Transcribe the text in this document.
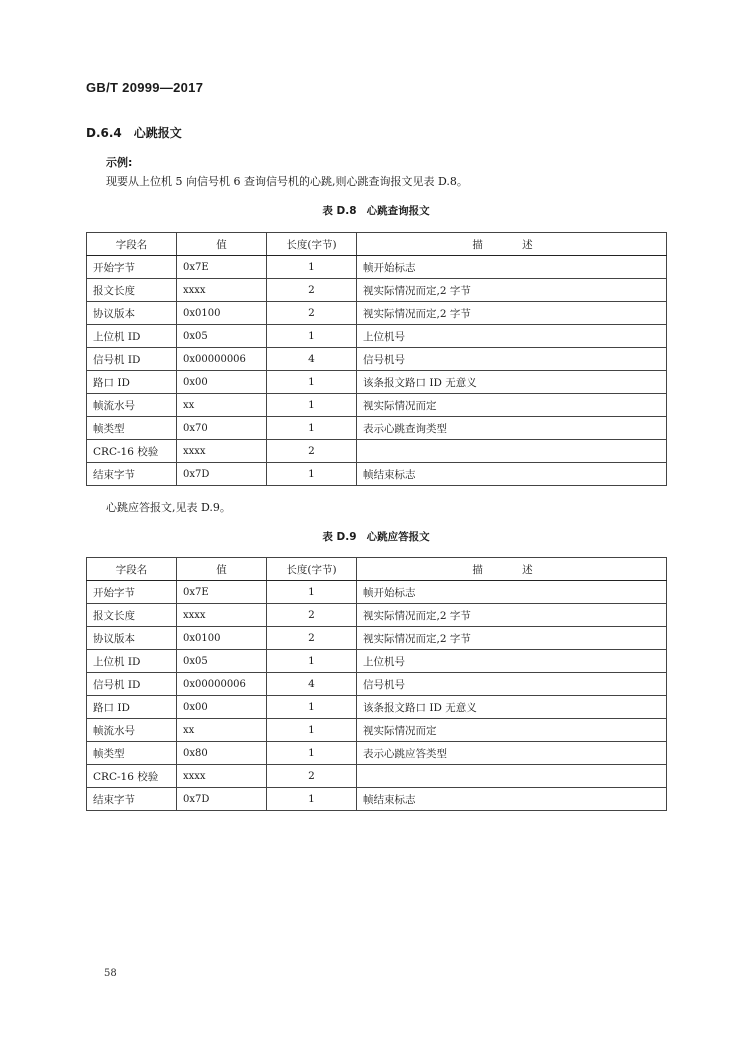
GB/T 20999—2017
D.6.4 心跳报文
示例:
现要从上位机 5 向信号机 6 查询信号机的心跳,则心跳查询报文见表 D.8。
表 D.8 心跳查询报文
字段名	值	长度(字节)	描 述
开始字节	0x7E	1	帧开始标志
报文长度	xxxx	2	视实际情况而定,2 字节
协议版本	0x0100	2	视实际情况而定,2 字节
上位机 ID	0x05	1	上位机号
信号机 ID	0x00000006	4	信号机号
路口 ID	0x00	1	该条报文路口 ID 无意义
帧流水号	xx	1	视实际情况而定
帧类型	0x70	1	表示心跳查询类型
CRC-16 校验	xxxx	2	
结束字节	0x7D	1	帧结束标志
心跳应答报文,见表 D.9。
表 D.9 心跳应答报文
字段名	值	长度(字节)	描 述
开始字节	0x7E	1	帧开始标志
报文长度	xxxx	2	视实际情况而定,2 字节
协议版本	0x0100	2	视实际情况而定,2 字节
上位机 ID	0x05	1	上位机号
信号机 ID	0x00000006	4	信号机号
路口 ID	0x00	1	该条报文路口 ID 无意义
帧流水号	xx	1	视实际情况而定
帧类型	0x80	1	表示心跳应答类型
CRC-16 校验	xxxx	2	
结束字节	0x7D	1	帧结束标志
58
